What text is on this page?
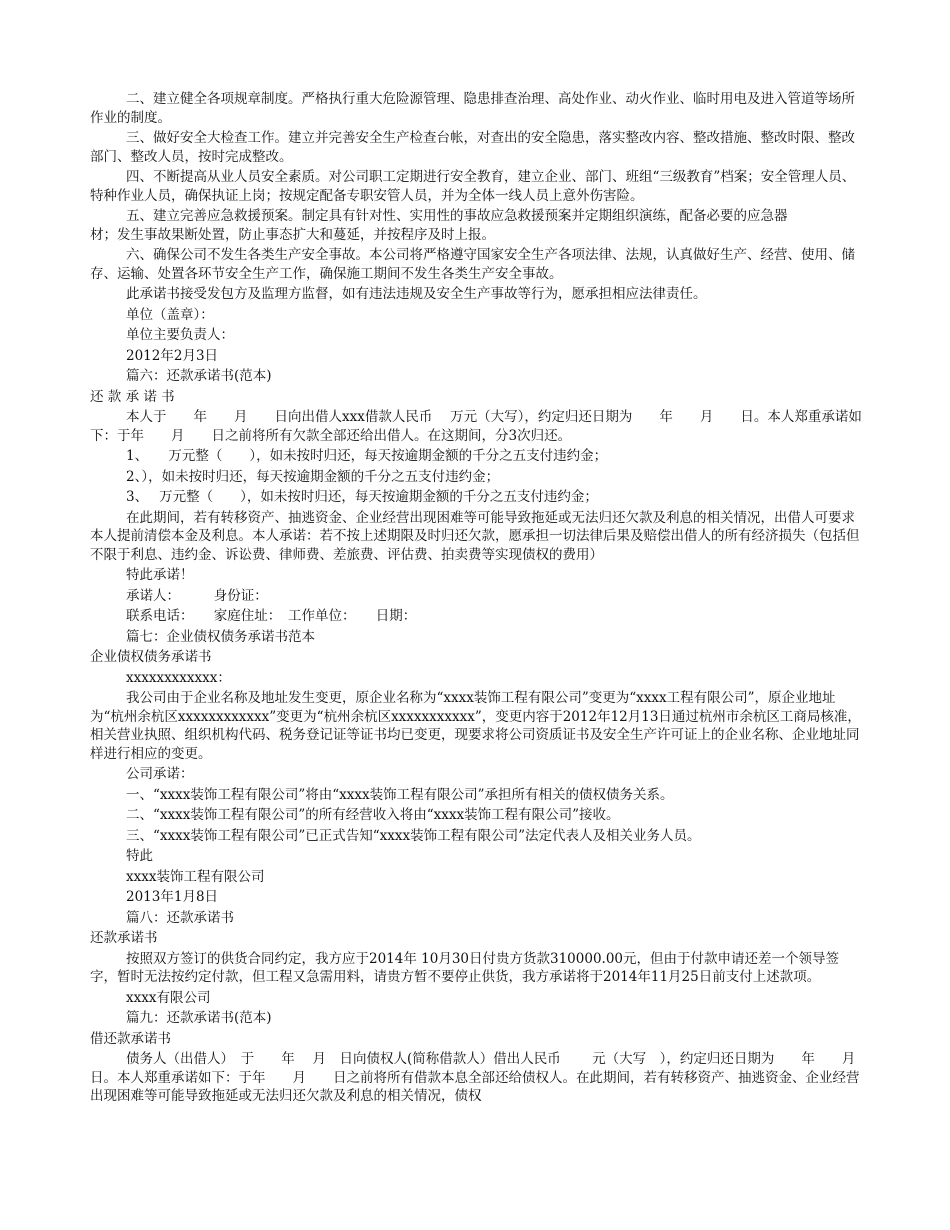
二、建立健全各项规章制度。严格执行重大危险源管理、隐患排查治理、高处作业、动火作业、临时用电及进入管道等场所作业的制度。

三、做好安全大检查工作。建立并完善安全生产检查台帐，对查出的安全隐患，落实整改内容、整改措施、整改时限、整改部门、整改人员，按时完成整改。

四、不断提高从业人员安全素质。对公司职工定期进行安全教育，建立企业、部门、班组“三级教育”档案；安全管理人员、特种作业人员，确保执证上岗；按规定配备专职安管人员，并为全体一线人员上意外伤害险。

五、建立完善应急救援预案。制定具有针对性、实用性的事故应急救援预案并定期组织演练，配备必要的应急器
材；发生事故果断处置，防止事态扩大和蔓延，并按程序及时上报。

六、确保公司不发生各类生产安全事故。本公司将严格遵守国家安全生产各项法律、法规，认真做好生产、经营、使用、储存、运输、处置各环节安全生产工作，确保施工期间不发生各类生产安全事故。

此承诺书接受发包方及监理方监督，如有违法违规及安全生产事故等行为，愿承担相应法律责任。

单位（盖章）：

单位主要负责人：

2012年2月3日

篇六：还款承诺书(范本)

还 款 承 诺 书

本人于　　年　　月　　日向出借人xxx借款人民币　 万元（大写），约定归还日期为　　年　　月　　日。本人郑重承诺如下：于年　　月　　日之前将所有欠款全部还给出借人。在这期间，分3次归还。

1、　　万元整（　　），如未按时归还，每天按逾期金额的千分之五支付违约金；

2、），如未按时归还，每天按逾期金额的千分之五支付违约金；

3、　 万元整（　　），如未按时归还，每天按逾期金额的千分之五支付违约金；

在此期间，若有转移资产、抽逃资金、企业经营出现困难等可能导致拖延或无法归还欠款及利息的相关情况，出借人可要求本人提前清偿本金及利息。本人承诺：若不按上述期限及时归还欠款，愿承担一切法律后果及赔偿出借人的所有经济损失（包括但不限于利息、违约金、诉讼费、律师费、差旅费、评估费、拍卖费等实现债权的费用）

特此承诺！

承诺人：　　　身份证：

联系电话：　　家庭住址：　工作单位：　　日期：

篇七：企业债权债务承诺书范本

企业债权债务承诺书

xxxxxxxxxxxx：

我公司由于企业名称及地址发生变更，原企业名称为“xxxx装饰工程有限公司”变更为“xxxx工程有限公司”，原企业地址为“杭州余杭区xxxxxxxxxxxx”变更为“杭州余杭区xxxxxxxxxxx”，变更内容于2012年12月13日通过杭州市余杭区工商局核准，相关营业执照、组织机构代码、税务登记证等证书均已变更，现要求将公司资质证书及安全生产许可证上的企业名称、企业地址同样进行相应的变更。

公司承诺：

一、“xxxx装饰工程有限公司”将由“xxxx装饰工程有限公司”承担所有相关的债权债务关系。

二、“xxxx装饰工程有限公司”的所有经营收入将由“xxxx装饰工程有限公司”接收。

三、“xxxx装饰工程有限公司”已正式告知“xxxx装饰工程有限公司”法定代表人及相关业务人员。

特此

xxxx装饰工程有限公司

2013年1月8日

篇八：还款承诺书

还款承诺书

按照双方签订的供货合同约定，我方应于2014年 10月30日付贵方货款310000.00元，但由于付款申请还差一个领导签字，暂时无法按约定付款，但工程又急需用料，请贵方暂不要停止供货，我方承诺将于2014年11月25日前支付上述款项。

xxxx有限公司

篇九：还款承诺书(范本)

借还款承诺书

债务人（出借人）　于　　年　 月　日向债权人(简称借款人）借出人民币　　 元（大写　），约定归还日期为　　年　　月　　日。本人郑重承诺如下：于年　　月　　日之前将所有借款本息全部还给债权人。在此期间，若有转移资产、抽逃资金、企业经营出现困难等可能导致拖延或无法归还欠款及利息的相关情况，债权
